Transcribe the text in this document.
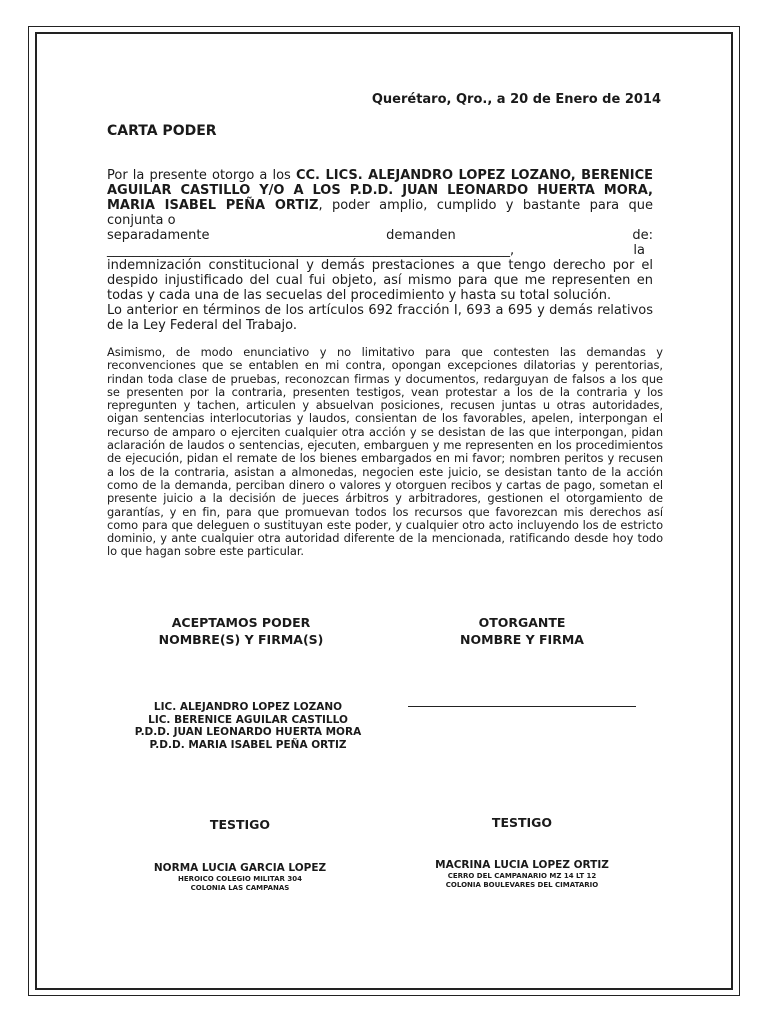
Querétaro, Qro., a 20 de Enero de 2014
CARTA PODER
Por la presente otorgo a los CC. LICS. ALEJANDRO LOPEZ LOZANO, BERENICE AGUILAR CASTILLO Y/O A LOS P.D.D. JUAN LEONARDO HUERTA MORA, MARIA ISABEL PEÑA ORTIZ, poder amplio, cumplido y bastante para que conjunta o
separadamente	demanden	de:
______________________________________________________________,	la
indemnización constitucional y demás prestaciones a que tengo derecho por el despido injustificado del cual fui objeto, así mismo para que me representen en todas y cada una de las secuelas del procedimiento y hasta su total solución.
Lo anterior en términos de los artículos 692 fracción I, 693 a 695 y demás relativos de la Ley Federal del Trabajo.
Asimismo, de modo enunciativo y no limitativo para que contesten las demandas y reconvenciones que se entablen en mi contra, opongan excepciones dilatorias y perentorias, rindan toda clase de pruebas, reconozcan firmas y documentos, redarguyan de falsos a los que se presenten por la contraria, presenten testigos, vean protestar a los de la contraria y los repregunten y tachen, articulen y absuelvan posiciones, recusen juntas u otras autoridades, oigan sentencias interlocutorias y laudos, consientan de los favorables, apelen, interpongan el recurso de amparo o ejerciten cualquier otra acción y se desistan de las que interpongan, pidan aclaración de laudos o sentencias, ejecuten, embarguen y me representen en los procedimientos de ejecución, pidan el remate de los bienes embargados en mi favor; nombren peritos y recusen a los de la contraria, asistan a almonedas, negocien este juicio, se desistan tanto de la acción como de la demanda, perciban dinero o valores y otorguen recibos y cartas de pago, sometan el presente juicio a la decisión de jueces árbitros y arbitradores, gestionen el otorgamiento de garantías, y en fin, para que promuevan todos los recursos que favorezcan mis derechos así como para que deleguen o sustituyan este poder, y cualquier otro acto incluyendo los de estricto dominio, y ante cualquier otra autoridad diferente de la mencionada, ratificando desde hoy todo lo que hagan sobre este particular.
ACEPTAMOS PODER
NOMBRE(S) Y FIRMA(S)
OTORGANTE
NOMBRE Y FIRMA
LIC. ALEJANDRO LOPEZ LOZANO
LIC. BERENICE AGUILAR CASTILLO
P.D.D. JUAN LEONARDO HUERTA MORA
P.D.D. MARIA ISABEL PEÑA ORTIZ
TESTIGO	TESTIGO
NORMA LUCIA GARCIA LOPEZ
HEROICO COLEGIO MILITAR 304
COLONIA LAS CAMPANAS
MACRINA LUCIA LOPEZ ORTIZ
CERRO DEL CAMPANARIO MZ 14 LT 12
COLONIA BOULEVARES DEL CIMATARIO
